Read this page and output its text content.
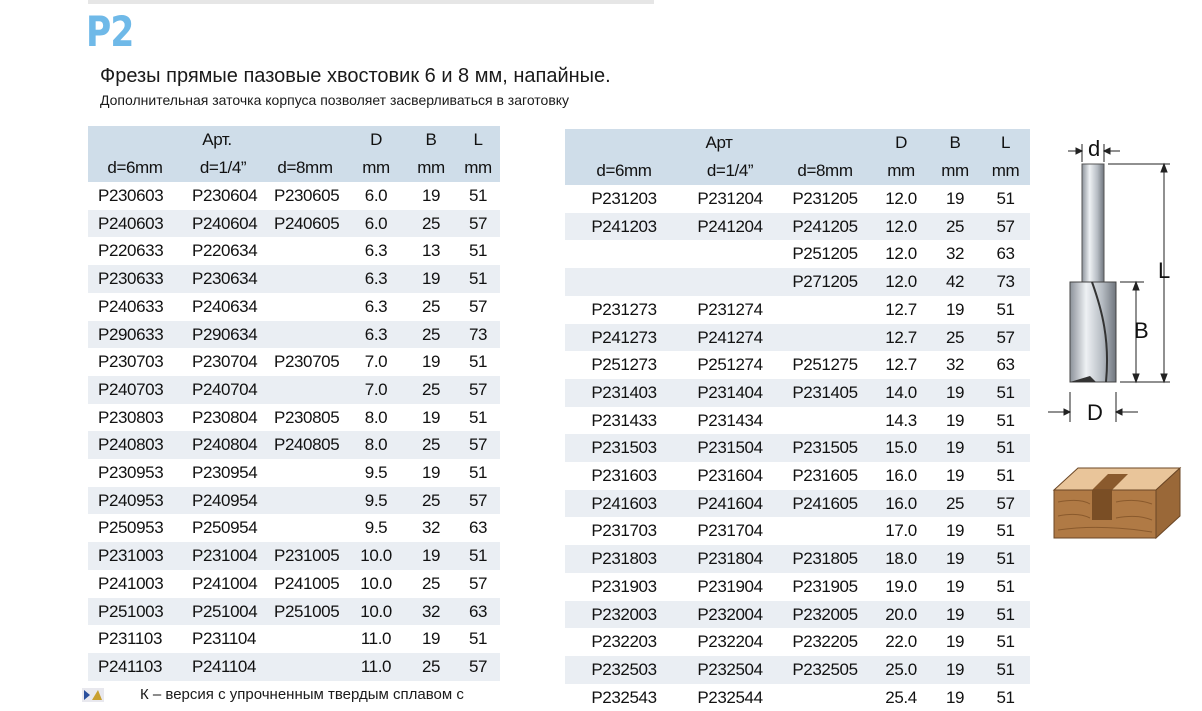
P2
Фрезы прямые пазовые хвостовик 6 и 8 мм, напайные.

Дополнительная заточка корпуса позволяет засверливаться в заготовку

Арт.			D	B	L
d=6mm	d=1/4”	d=8mm	mm	mm	mm
P230603	P230604	P230605	6.0	19	51
P240603	P240604	P240605	6.0	25	57
P220633	P220634		6.3	13	51
P230633	P230634		6.3	19	51
P240633	P240634		6.3	25	57
P290633	P290634		6.3	25	73
P230703	P230704	P230705	7.0	19	51
P240703	P240704		7.0	25	57
P230803	P230804	P230805	8.0	19	51
P240803	P240804	P240805	8.0	25	57
P230953	P230954		9.5	19	51
P240953	P240954		9.5	25	57
P250953	P250954		9.5	32	63
P231003	P231004	P231005	10.0	19	51
P241003	P241004	P241005	10.0	25	57
P251003	P251004	P251005	10.0	32	63
P231103	P231104		11.0	19	51
P241103	P241104		11.0	25	57
Арт			D	B	L
d=6mm	d=1/4”	d=8mm	mm	mm	mm
P231203	P231204	P231205	12.0	19	51
P241203	P241204	P241205	12.0	25	57
		P251205	12.0	32	63
		P271205	12.0	42	73
P231273	P231274		12.7	19	51
P241273	P241274		12.7	25	57
P251273	P251274	P251275	12.7	32	63
P231403	P231404	P231405	14.0	19	51
P231433	P231434		14.3	19	51
P231503	P231504	P231505	15.0	19	51
P231603	P231604	P231605	16.0	19	51
P241603	P241604	P241605	16.0	25	57
P231703	P231704		17.0	19	51
P231803	P231804	P231805	18.0	19	51
P231903	P231904	P231905	19.0	19	51
P232003	P232004	P232005	20.0	19	51
P232203	P232204	P232205	22.0	19	51
P232503	P232504	P232505	25.0	19	51
P232543	P232544		25.4	19	51
К – версия с упрочненным твердым сплавом с
d
L
B
D
